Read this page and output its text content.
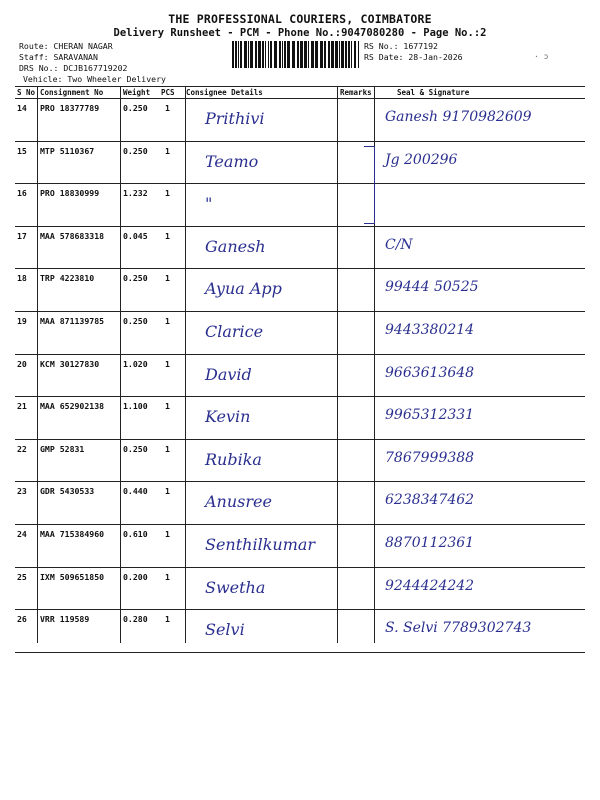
THE PROFESSIONAL COURIERS, COIMBATORE
Delivery Runsheet - PCM - Phone No.:9047080280 - Page No.:2
Route: CHERAN NAGAR
Staff: SARAVANAN
DRS No.: DCJB167719202
Vehicle: Two Wheeler Delivery
RS No.: 1677192
RS Date: 28-Jan-2026	· ɔ
S No Consignment No	Weight PCS Consignee Details	Remarks	Seal & Signature
14 PRO 18377789	0.250 1
Prithivi	Ganesh 9170982609
15 MTP 5110367	0.250 1
Teamo	Jg 200296
16 PRO 18830999	1.232 1
"
17 MAA 578683318 0.045 1
Ganesh	C/N
18 TRP 4223810	0.250 1
Ayua App	99444 50525
19 MAA 871139785 0.250 1
Clarice	9443380214
20 KCM 30127830	1.020 1
David	9663613648
21 MAA 652902138 1.100 1
Kevin	9965312331
22 GMP 52831	0.250 1
Rubika	7867999388
23 GDR 5430533	0.440 1
Anusree	6238347462
24 MAA 715384960 0.610 1
Senthilkumar	8870112361
25 IXM 509651850 0.200 1
Swetha	9244424242
26 VRR 119589	0.280 1
Selvi	S. Selvi 7789302743
